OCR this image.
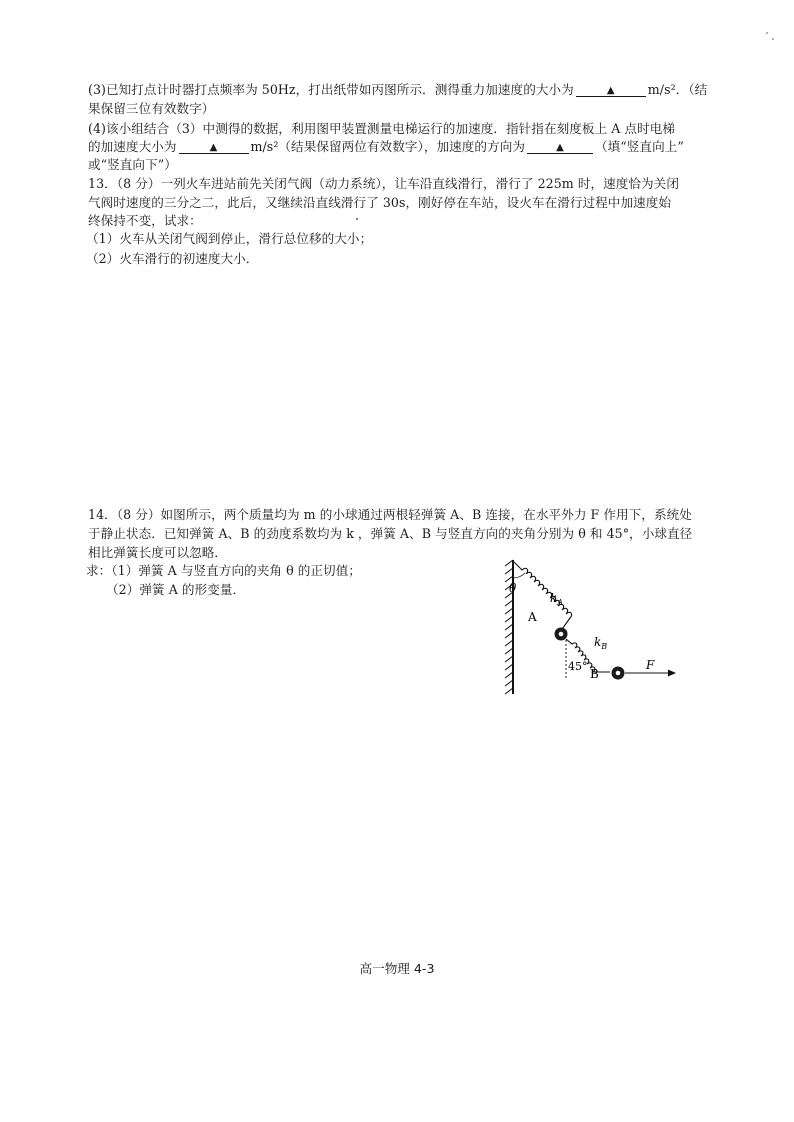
(3)已知打点计时器打点频率为 50Hz，打出纸带如丙图所示．测得重力加速度的大小为	▲	m/s²．（结
果保留三位有效数字）
(4)该小组结合（3）中测得的数据，利用图甲装置测量电梯运行的加速度．指针指在刻度板上 A 点时电梯
的加速度大小为	▲	m/s²（结果保留两位有效数字），加速度的方向为	▲ （填“竖直向上”
或“竖直向下”）
13．（8 分）一列火车进站前先关闭气阀（动力系统），让车沿直线滑行，滑行了 225m 时，速度恰为关闭
气阀时速度的三分之二，此后，又继续沿直线滑行了 30s，刚好停在车站，设火车在滑行过程中加速度始
终保持不变，试求：
（1）火车从关闭气阀到停止，滑行总位移的大小；
（2）火车滑行的初速度大小．
14．（8 分）如图所示，两个质量均为 m 的小球通过两根轻弹簧 A、B 连接，在水平外力 F 作用下，系统处
于静止状态．已知弹簧 A、B 的劲度系数均为 k ，弹簧 A、B 与竖直方向的夹角分别为 θ 和 45°，小球直径
相比弹簧长度可以忽略．
求：（1）弹簧 A 与竖直方向的夹角 θ 的正切值；
（2）弹簧 A 的形变量．	θ
$k_A$
A
$k_B$
45°
B
F
高一物理 4-3
